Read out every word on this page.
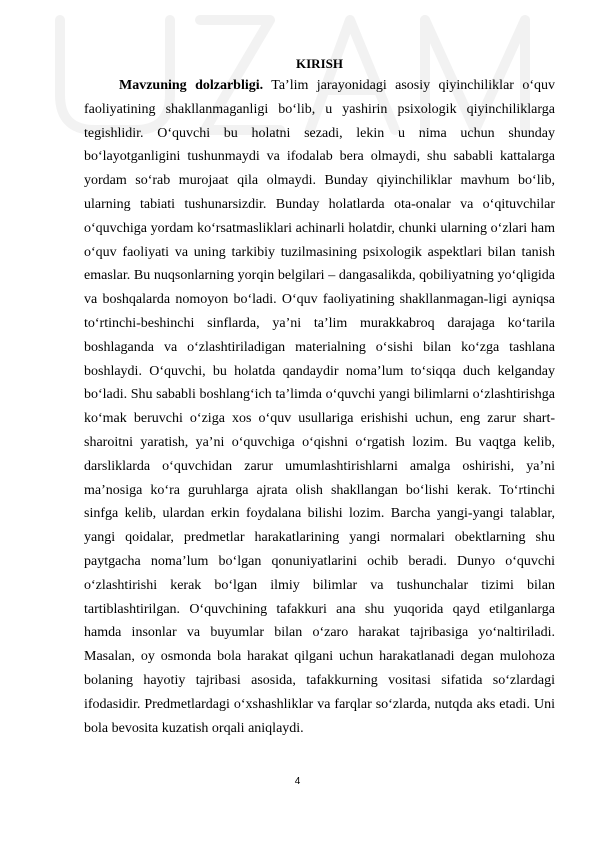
KIRISH

Mavzuning dolzarbligi. Ta’lim jarayonidagi asosiy qiyinchiliklar o‘quv faoliyatining shakllanmaganligi bo‘lib, u yashirin psixologik qiyinchiliklarga tegishlidir. O‘quvchi bu holatni sezadi, lekin u nima uchun shunday bo‘layotganligini tushunmaydi va ifodalab bera olmaydi, shu sababli kattalarga yordam so‘rab murojaat qila olmaydi. Bunday qiyinchiliklar mavhum bo‘lib, ularning tabiati tushunarsizdir. Bunday holatlarda ota-onalar va o‘qituvchilar o‘quvchiga yordam ko‘rsatmasliklari achinarli holatdir, chunki ularning o‘zlari ham o‘quv faoliyati va uning tarkibiy tuzilmasining psixologik aspektlari bilan tanish emaslar. Bu nuqsonlarning yorqin belgilari – dangasalikda, qobiliyatning yo‘qligida va boshqalarda nomoyon bo‘ladi. O‘quv faoliyatining shakllanmagan-ligi ayniqsa to‘rtinchi-beshinchi sinflarda, ya’ni ta’lim murakkabroq darajaga ko‘tarila boshlaganda va o‘zlashtiriladigan materialning o‘sishi bilan ko‘zga tashlana boshlaydi. O‘quvchi, bu holatda qandaydir noma’lum to‘siqqa duch kelganday bo‘ladi. Shu sababli boshlang‘ich ta’limda o‘quvchi yangi bilimlarni o‘zlashtirishga ko‘mak beruvchi o‘ziga xos o‘quv usullariga erishishi uchun, eng zarur shart-sharoitni yaratish, ya’ni o‘quvchiga o‘qishni o‘rgatish lozim. Bu vaqtga kelib, darsliklarda o‘quvchidan zarur umumlashtirishlarni amalga oshirishi, ya’ni ma’nosiga ko‘ra guruhlarga ajrata olish shakllangan bo‘lishi kerak. To‘rtinchi sinfga kelib, ulardan erkin foydalana bilishi lozim. Barcha yangi-yangi talablar, yangi qoidalar, predmetlar harakatlarining yangi normalari obektlarning shu paytgacha noma’lum bo‘lgan qonuniyatlarini ochib beradi. Dunyo o‘quvchi o‘zlashtirishi kerak bo‘lgan ilmiy bilimlar va tushunchalar tizimi bilan tartiblashtirilgan. O‘quvchining tafakkuri ana shu yuqorida qayd etilganlarga hamda insonlar va buyumlar bilan o‘zaro harakat tajribasiga yo‘naltiriladi. Masalan, oy osmonda bola harakat qilgani uchun harakatlanadi degan mulohoza bolaning hayotiy tajribasi asosida, tafakkurning vositasi sifatida so‘zlardagi ifodasidir. Predmetlardagi o‘xshashliklar va farqlar so‘zlarda, nutqda aks etadi. Uni bola bevosita kuzatish orqali aniqlaydi.

4
